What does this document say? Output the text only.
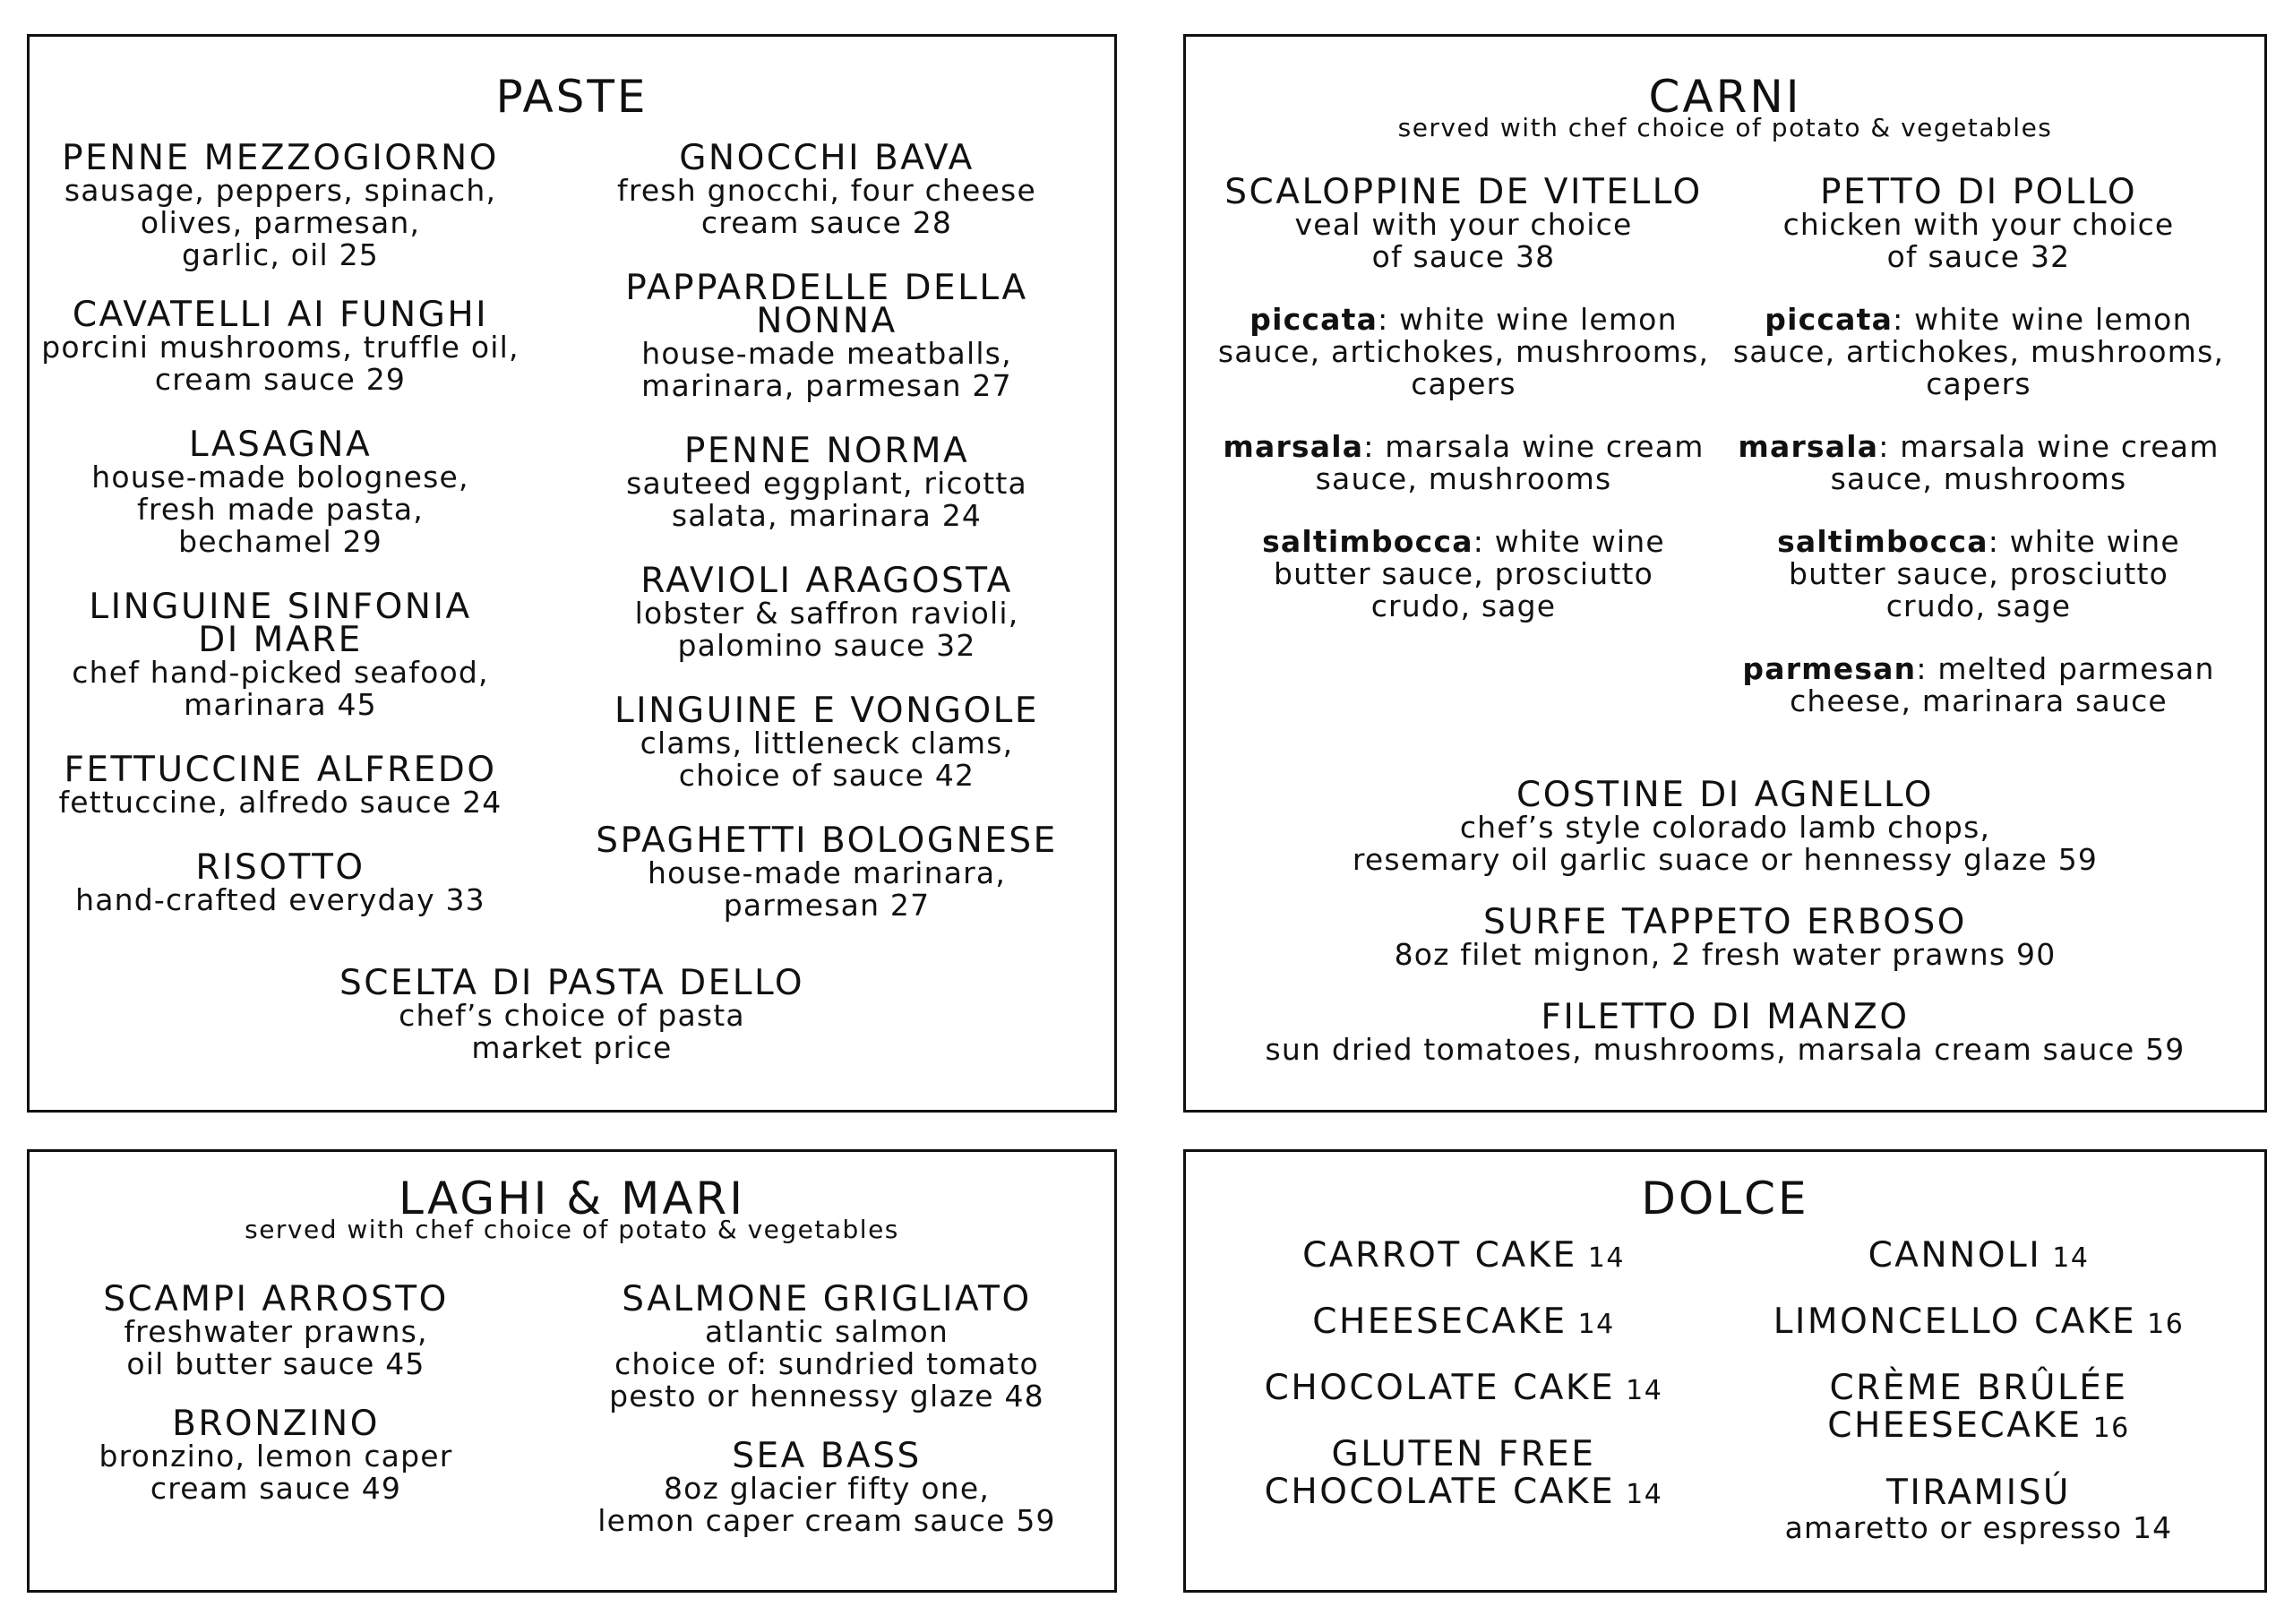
PASTE
PENNE MEZZOGIORNO
sausage, peppers, spinach,
olives, parmesan,
garlic, oil 25
CAVATELLI AI FUNGHI
porcini mushrooms, truffle oil,
cream sauce 29
LASAGNA
house-made bolognese,
fresh made pasta,
bechamel 29
LINGUINE SINFONIA
DI MARE
chef hand-picked seafood,
marinara 45
FETTUCCINE ALFREDO
fettuccine, alfredo sauce 24
RISOTTO
hand-crafted everyday 33
GNOCCHI BAVA
fresh gnocchi, four cheese
cream sauce 28
PAPPARDELLE DELLA
NONNA
house-made meatballs,
marinara, parmesan 27
PENNE NORMA
sauteed eggplant, ricotta
salata, marinara 24
RAVIOLI ARAGOSTA
lobster & saffron ravioli,
palomino sauce 32
LINGUINE E VONGOLE
clams, littleneck clams,
choice of sauce 42
SPAGHETTI BOLOGNESE
house-made marinara,
parmesan 27
SCELTA DI PASTA DELLO
chef’s choice of pasta
market price
CARNI
served with chef choice of potato & vegetables
SCALOPPINE DE VITELLO
veal with your choice
of sauce 38
piccata: white wine lemon
sauce, artichokes, mushrooms,
capers
marsala: marsala wine cream
sauce, mushrooms
saltimbocca: white wine
butter sauce, prosciutto
crudo, sage
PETTO DI POLLO
chicken with your choice
of sauce 32
piccata: white wine lemon
sauce, artichokes, mushrooms,
capers
marsala: marsala wine cream
sauce, mushrooms
saltimbocca: white wine
butter sauce, prosciutto
crudo, sage
parmesan: melted parmesan
cheese, marinara sauce
COSTINE DI AGNELLO
chef’s style colorado lamb chops,
resemary oil garlic suace or hennessy glaze 59
SURFE TAPPETO ERBOSO
8oz filet mignon, 2 fresh water prawns 90
FILETTO DI MANZO
sun dried tomatoes, mushrooms, marsala cream sauce 59
LAGHI & MARI
served with chef choice of potato & vegetables
SCAMPI ARROSTO
freshwater prawns,
oil butter sauce 45
BRONZINO
bronzino, lemon caper
cream sauce 49
SALMONE GRIGLIATO
atlantic salmon
choice of: sundried tomato
pesto or hennessy glaze 48
SEA BASS
8oz glacier fifty one,
lemon caper cream sauce 59
DOLCE
CARROT CAKE 14
CHEESECAKE 14
CHOCOLATE CAKE 14
GLUTEN FREE
CHOCOLATE CAKE 14
CANNOLI 14
LIMONCELLO CAKE 16
CRÈME BRÛLÉE
CHEESECAKE 16
TIRAMISÚ
amaretto or espresso 14
